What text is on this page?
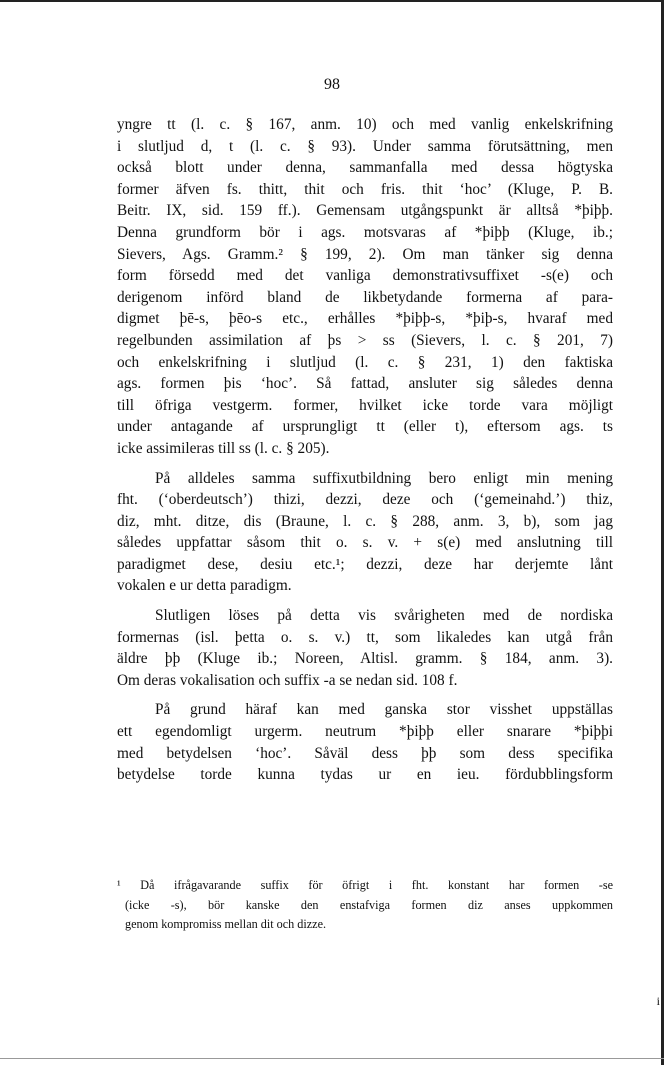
98
yngre tt (l. c. § 167, anm. 10) och med vanlig enkelskrifning
i slutljud d, t (l. c. § 93). Under samma förutsättning, men
också blott under denna, sammanfalla med dessa högtyska
former äfven fs. thitt, thit och fris. thit ‘hoc’ (Kluge, P. B.
Beitr. IX, sid. 159 ff.). Gemensam utgångspunkt är alltså *þiþþ.
Denna grundform bör i ags. motsvaras af *þiþþ (Kluge, ib.;
Sievers, Ags. Gramm.² § 199, 2). Om man tänker sig denna
form försedd med det vanliga demonstrativsuffixet -s(e) och
derigenom införd bland de likbetydande formerna af para-
digmet þē-s, þēo-s etc., erhålles *þiþþ-s, *þiþ-s, hvaraf med
regelbunden assimilation af þs > ss (Sievers, l. c. § 201, 7)
och enkelskrifning i slutljud (l. c. § 231, 1) den faktiska
ags. formen þis ‘hoc’. Så fattad, ansluter sig således denna
till öfriga vestgerm. former, hvilket icke torde vara möjligt
under antagande af ursprungligt tt (eller t), eftersom ags. ts
icke assimileras till ss (l. c. § 205).
På alldeles samma suffixutbildning bero enligt min mening
fht. (‘oberdeutsch’) thizi, dezzi, deze och (‘gemeinahd.’) thiz,
diz, mht. ditze, dis (Braune, l. c. § 288, anm. 3, b), som jag
således uppfattar såsom thit o. s. v. + s(e) med anslutning till
paradigmet dese, desiu etc.¹; dezzi, deze har derjemte lånt
vokalen e ur detta paradigm.
Slutligen löses på detta vis svårigheten med de nordiska
formernas (isl. þetta o. s. v.) tt, som likaledes kan utgå från
äldre þþ (Kluge ib.; Noreen, Altisl. gramm. § 184, anm. 3).
Om deras vokalisation och suffix -a se nedan sid. 108 f.
På grund häraf kan med ganska stor visshet uppställas
ett egendomligt urgerm. neutrum *þiþþ eller snarare *þiþþi
med betydelsen ‘hoc’. Såväl dess þþ som dess specifika
betydelse torde kunna tydas ur en ieu. fördubblingsform
¹ Då ifrågavarande suffix för öfrigt i fht. konstant har formen -se
(icke -s), bör kanske den enstafviga formen diz anses uppkommen
genom kompromiss mellan dit och dizze.
i
